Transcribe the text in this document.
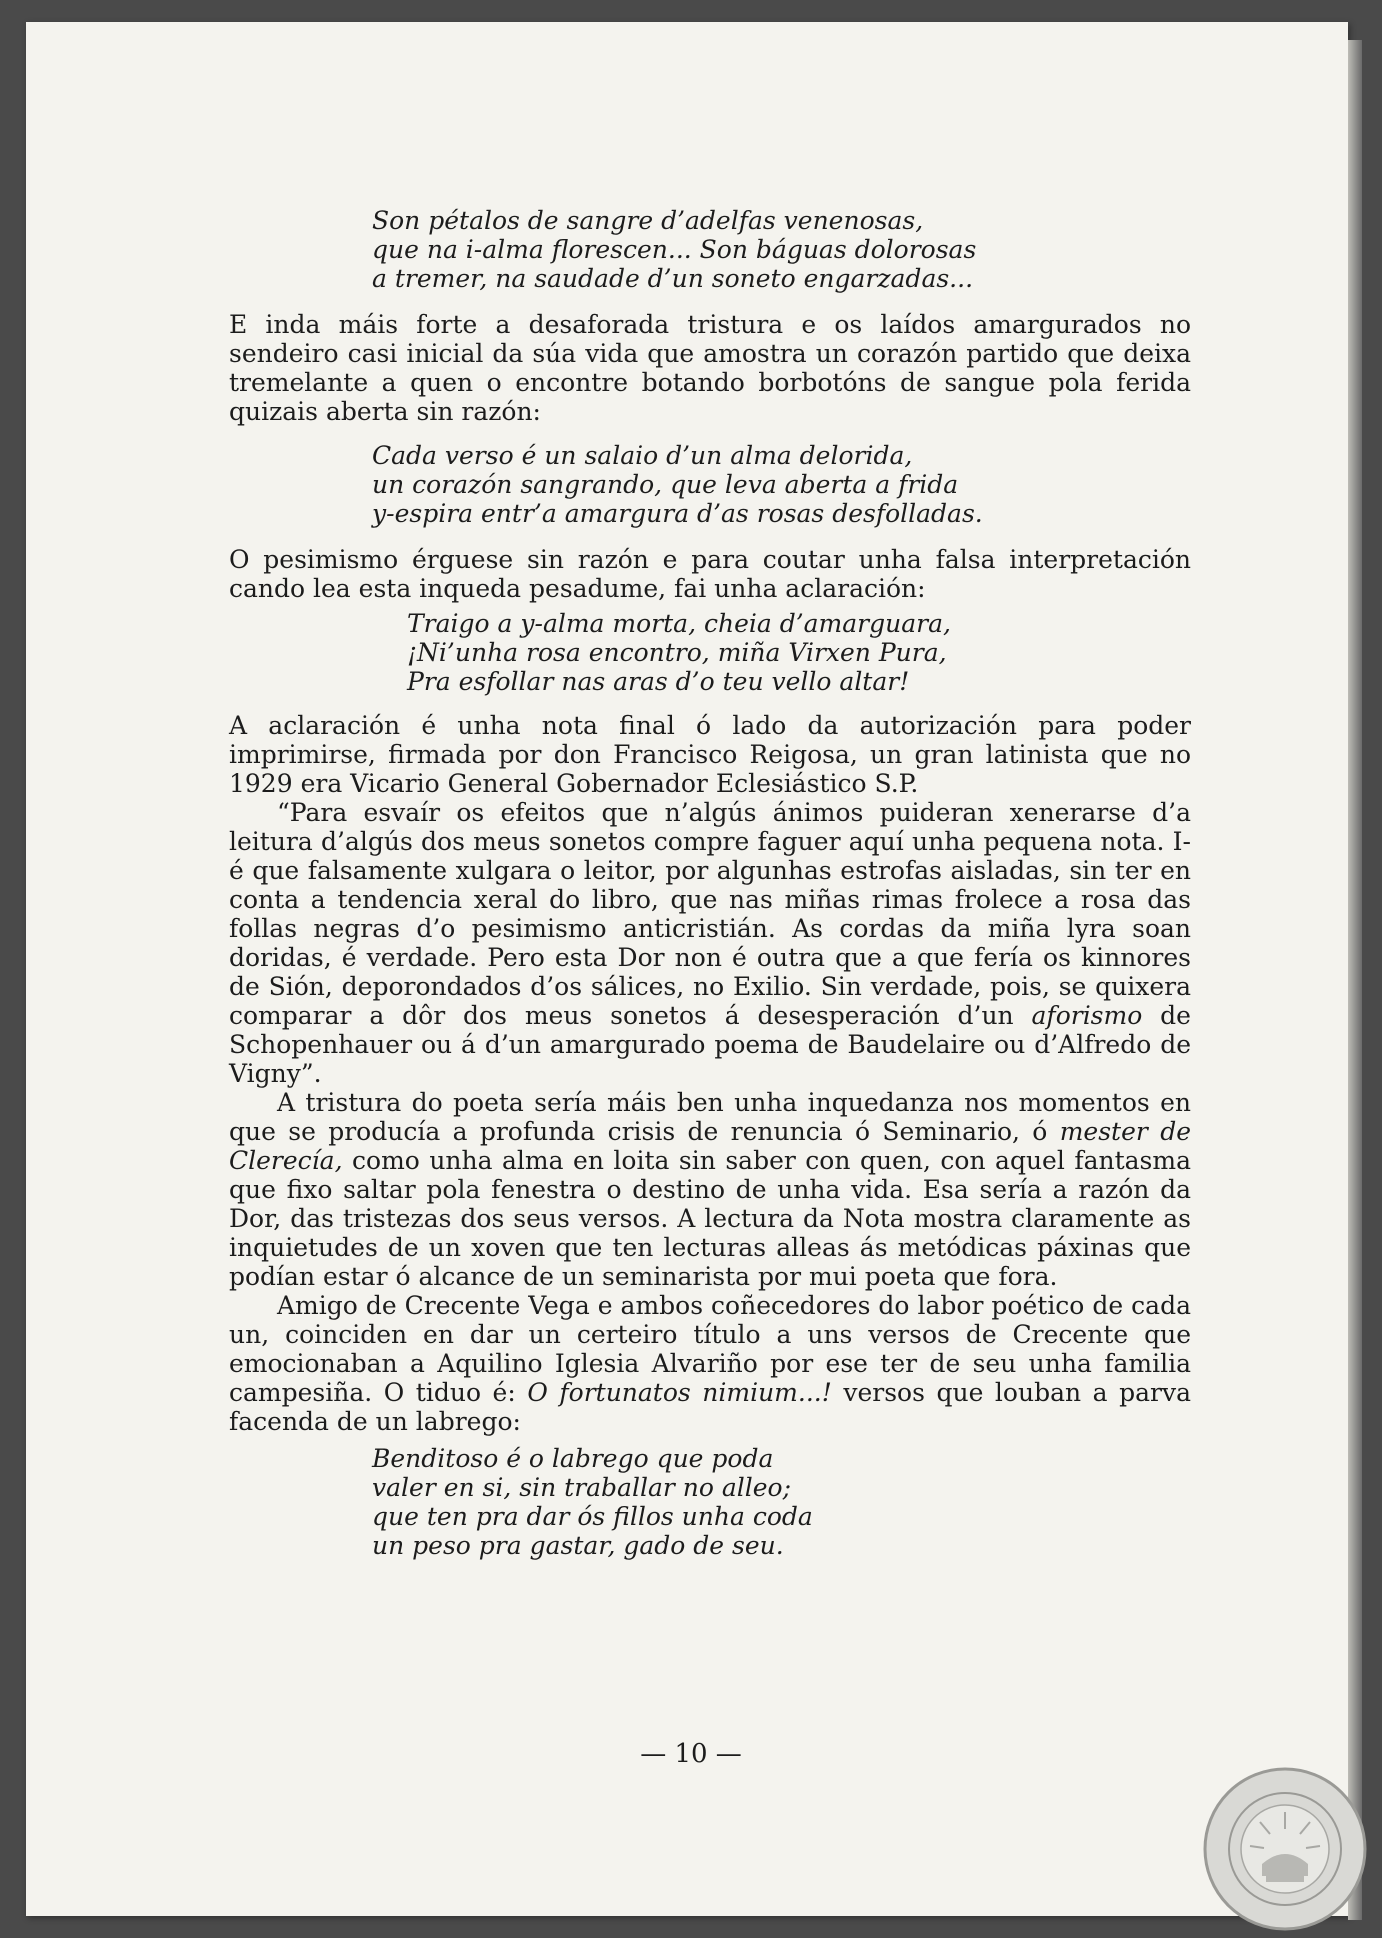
Son pétalos de sangre d’adelfas venenosas,
que na i-alma florescen... Son báguas dolorosas
a tremer, na saudade d’un soneto engarzadas...

E inda máis forte a desaforada tristura e os laídos amargurados no sendeiro casi inicial da súa vida que amostra un corazón partido que deixa tremelante a quen o encontre botando borbotóns de sangue pola ferida quizais aberta sin razón:

Cada verso é un salaio d’un alma delorida,
un corazón sangrando, que leva aberta a frida
y-espira entr’a amargura d’as rosas desfolladas.

O pesimismo érguese sin razón e para coutar unha falsa interpretación cando lea esta inqueda pesadume, fai unha aclaración:

Traigo a y-alma morta, cheia d’amarguara,
¡Ni’unha rosa encontro, miña Virxen Pura,
Pra esfollar nas aras d’o teu vello altar!

A aclaración é unha nota final ó lado da autorización para poder imprimirse, firmada por don Francisco Reigosa, un gran latinista que no 1929 era Vicario General Gobernador Eclesiástico S.P.

“Para esvaír os efeitos que n’algús ánimos puideran xenerarse d’a leitura d’algús dos meus sonetos compre faguer aquí unha pequena nota. I-é que falsamente xulgara o leitor, por algunhas estrofas aisladas, sin ter en conta a tendencia xeral do libro, que nas miñas rimas frolece a rosa das follas negras d’o pesimismo anticristián. As cordas da miña lyra soan doridas, é verdade. Pero esta Dor non é outra que a que fería os kinnores de Sión, deporondados d’os sálices, no Exilio. Sin verdade, pois, se quixera comparar a dôr dos meus sonetos á desesperación d’un aforismo de Schopenhauer ou á d’un amargurado poema de Baudelaire ou d’Alfredo de Vigny”.

A tristura do poeta sería máis ben unha inquedanza nos momentos en que se producía a profunda crisis de renuncia ó Seminario, ó mester de Clerecía, como unha alma en loita sin saber con quen, con aquel fantasma que fixo saltar pola fenestra o destino de unha vida. Esa sería a razón da Dor, das tristezas dos seus versos. A lectura da Nota mostra claramente as inquietudes de un xoven que ten lecturas alleas ás metódicas páxinas que podían estar ó alcance de un seminarista por mui poeta que fora.

Amigo de Crecente Vega e ambos coñecedores do labor poético de cada un, coinciden en dar un certeiro título a uns versos de Crecente que emocionaban a Aquilino Iglesia Alvariño por ese ter de seu unha familia campesiña. O tiduo é: O fortunatos nimium...! versos que louban a parva facenda de un labrego:

Benditoso é o labrego que poda
valer en si, sin traballar no alleo;
que ten pra dar ós fillos unha coda
un peso pra gastar, gado de seu.
— 10 —
